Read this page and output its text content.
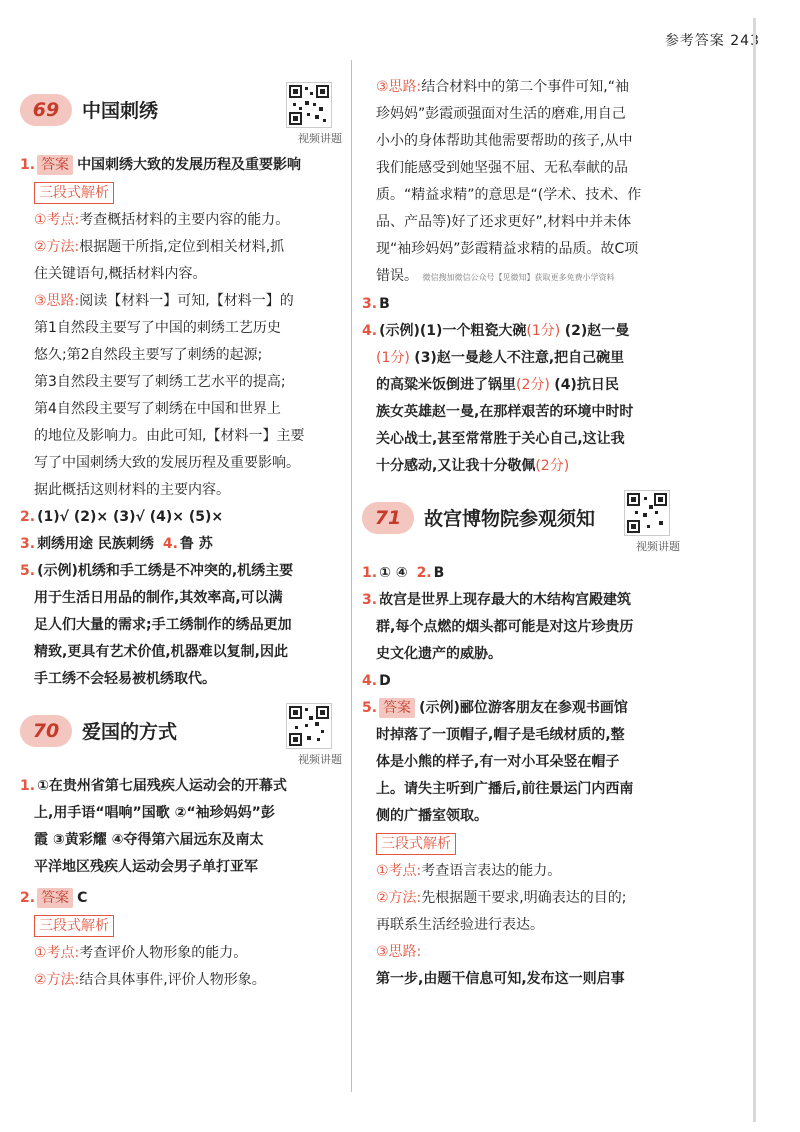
参考答案 243
69	中国刺绣
视频讲题

1. 答案 中国刺绣大致的发展历程及重要影响

三段式解析

①考点:考查概括材料的主要内容的能力。

②方法:根据题干所指,定位到相关材料,抓

住关键语句,概括材料内容。

③思路:阅读【材料一】可知,【材料一】的

第1自然段主要写了中国的刺绣工艺历史

悠久;第2自然段主要写了刺绣的起源;

第3自然段主要写了刺绣工艺水平的提高;

第4自然段主要写了刺绣在中国和世界上

的地位及影响力。由此可知,【材料一】主要

写了中国刺绣大致的发展历程及重要影响。

据此概括这则材料的主要内容。

2. (1)√ (2)× (3)√ (4)× (5)×

3. 刺绣用途 民族刺绣 4. 鲁 苏

5. (示例)机绣和手工绣是不冲突的,机绣主要

用于生活日用品的制作,其效率高,可以满

足人们大量的需求;手工绣制作的绣品更加

精致,更具有艺术价值,机器难以复制,因此

手工绣不会轻易被机绣取代。

70	爱国的方式
视频讲题

1. ①在贵州省第七届残疾人运动会的开幕式

上,用手语“唱响”国歌 ②“袖珍妈妈”彭

霞 ③黄彩耀 ④夺得第六届远东及南太

平洋地区残疾人运动会男子单打亚军

2. 答案 C

三段式解析

①考点:考查评价人物形象的能力。

②方法:结合具体事件,评价人物形象。

③思路:结合材料中的第二个事件可知,“袖

珍妈妈”彭霞顽强面对生活的磨难,用自己

小小的身体帮助其他需要帮助的孩子,从中

我们能感受到她坚强不屈、无私奉献的品

质。“精益求精”的意思是“(学术、技术、作

品、产品等)好了还求更好”,材料中并未体

现“袖珍妈妈”彭霞精益求精的品质。故C项

错误。 微信搜加微信公众号【见微知】获取更多免费小学资料

3. B

4. (示例)(1)一个粗瓷大碗(1分) (2)赵一曼

(1分) (3)赵一曼趁人不注意,把自己碗里

的高粱米饭倒进了锅里(2分) (4)抗日民

族女英雄赵一曼,在那样艰苦的环境中时时

关心战士,甚至常常胜于关心自己,这让我

十分感动,又让我十分敬佩(2分)

71	故宫博物院参观须知
视频讲题

1. ① ④ 2. B

3. 故宫是世界上现存最大的木结构宫殿建筑

群,每个点燃的烟头都可能是对这片珍贵历

史文化遗产的威胁。

4. D

5. 答案 (示例)郦位游客朋友在参观书画馆

时掉落了一顶帽子,帽子是毛绒材质的,整

体是小熊的样子,有一对小耳朵竖在帽子

上。请失主听到广播后,前往景运门内西南

侧的广播室领取。

三段式解析

①考点:考查语言表达的能力。

②方法:先根据题干要求,明确表达的目的;

再联系生活经验进行表达。

③思路:

第一步,由题干信息可知,发布这一则启事
